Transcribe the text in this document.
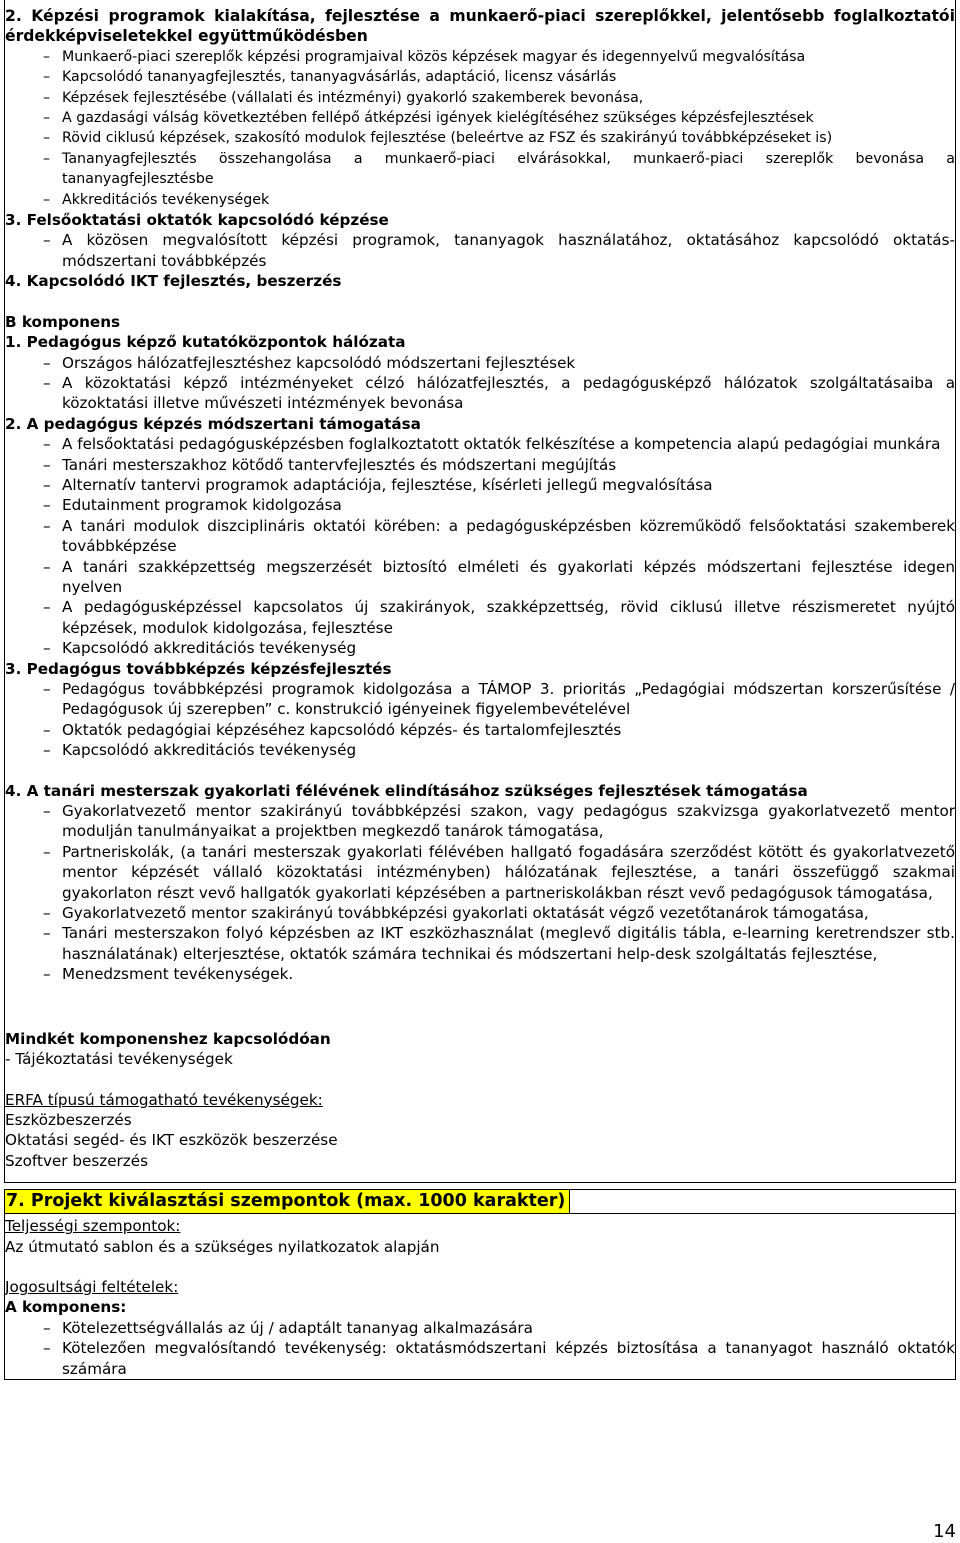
2. Képzési programok kialakítása, fejlesztése a munkaerő-piaci szereplőkkel, jelentősebb foglalkoztatói érdekképviseletekkel együttműködésben
– Munkaerő-piaci szereplők képzési programjaival közös képzések magyar és idegennyelvű megvalósítása
– Kapcsolódó tananyagfejlesztés, tananyagvásárlás, adaptáció, licensz vásárlás
– Képzések fejlesztésébe (vállalati és intézményi) gyakorló szakemberek bevonása,
– A gazdasági válság következtében fellépő átképzési igények kielégítéséhez szükséges képzésfejlesztések
– Rövid ciklusú képzések, szakosító modulok fejlesztése (beleértve az FSZ és szakirányú továbbképzéseket is)
– Tananyagfejlesztés összehangolása a munkaerő-piaci elvárásokkal, munkaerő-piaci szereplők bevonása a tananyagfejlesztésbe
– Akkreditációs tevékenységek
3. Felsőoktatási oktatók kapcsolódó képzése
– A közösen megvalósított képzési programok, tananyagok használatához, oktatásához kapcsolódó oktatás-módszertani továbbképzés
4. Kapcsolódó IKT fejlesztés, beszerzés
B komponens
1. Pedagógus képző kutatóközpontok hálózata
– Országos hálózatfejlesztéshez kapcsolódó módszertani fejlesztések
– A közoktatási képző intézményeket célzó hálózatfejlesztés, a pedagógusképző hálózatok szolgáltatásaiba a közoktatási illetve művészeti intézmények bevonása
2. A pedagógus képzés módszertani támogatása
– A felsőoktatási pedagógusképzésben foglalkoztatott oktatók felkészítése a kompetencia alapú pedagógiai munkára
– Tanári mesterszakhoz kötődő tantervfejlesztés és módszertani megújítás
– Alternatív tantervi programok adaptációja, fejlesztése, kísérleti jellegű megvalósítása
– Edutainment programok kidolgozása
– A tanári modulok diszciplináris oktatói körében: a pedagógusképzésben közreműködő felsőoktatási szakemberek továbbképzése
– A tanári szakképzettség megszerzését biztosító elméleti és gyakorlati képzés módszertani fejlesztése idegen nyelven
– A pedagógusképzéssel kapcsolatos új szakirányok, szakképzettség, rövid ciklusú illetve részismeretet nyújtó képzések, modulok kidolgozása, fejlesztése
– Kapcsolódó akkreditációs tevékenység
3. Pedagógus továbbképzés képzésfejlesztés
– Pedagógus továbbképzési programok kidolgozása a TÁMOP 3. prioritás „Pedagógiai módszertan korszerűsítése / Pedagógusok új szerepben” c. konstrukció igényeinek figyelembevételével
– Oktatók pedagógiai képzéséhez kapcsolódó képzés- és tartalomfejlesztés
– Kapcsolódó akkreditációs tevékenység
4. A tanári mesterszak gyakorlati félévének elindításához szükséges fejlesztések támogatása
– Gyakorlatvezető mentor szakirányú továbbképzési szakon, vagy pedagógus szakvizsga gyakorlatvezető mentor modulján tanulmányaikat a projektben megkezdő tanárok támogatása,
– Partneriskolák, (a tanári mesterszak gyakorlati félévében hallgató fogadására szerződést kötött és gyakorlatvezető mentor képzését vállaló közoktatási intézményben) hálózatának fejlesztése, a tanári összefüggő szakmai gyakorlaton részt vevő hallgatók gyakorlati képzésében a partneriskolákban részt vevő pedagógusok támogatása,
– Gyakorlatvezető mentor szakirányú továbbképzési gyakorlati oktatását végző vezetőtanárok támogatása,
– Tanári mesterszakon folyó képzésben az IKT eszközhasználat (meglevő digitális tábla, e-learning keretrendszer stb. használatának) elterjesztése, oktatók számára technikai és módszertani help-desk szolgáltatás fejlesztése,
– Menedzsment tevékenységek.
Mindkét komponenshez kapcsolódóan
- Tájékoztatási tevékenységek
ERFA típusú támogatható tevékenységek:
Eszközbeszerzés
Oktatási segéd- és IKT eszközök beszerzése
Szoftver beszerzés
7. Projekt kiválasztási szempontok (max. 1000 karakter)
Teljességi szempontok:
Az útmutató sablon és a szükséges nyilatkozatok alapján
Jogosultsági feltételek:
A komponens:
– Kötelezettségvállalás az új / adaptált tananyag alkalmazására
– Kötelezően megvalósítandó tevékenység: oktatásmódszertani képzés biztosítása a tananyagot használó oktatók számára
14
